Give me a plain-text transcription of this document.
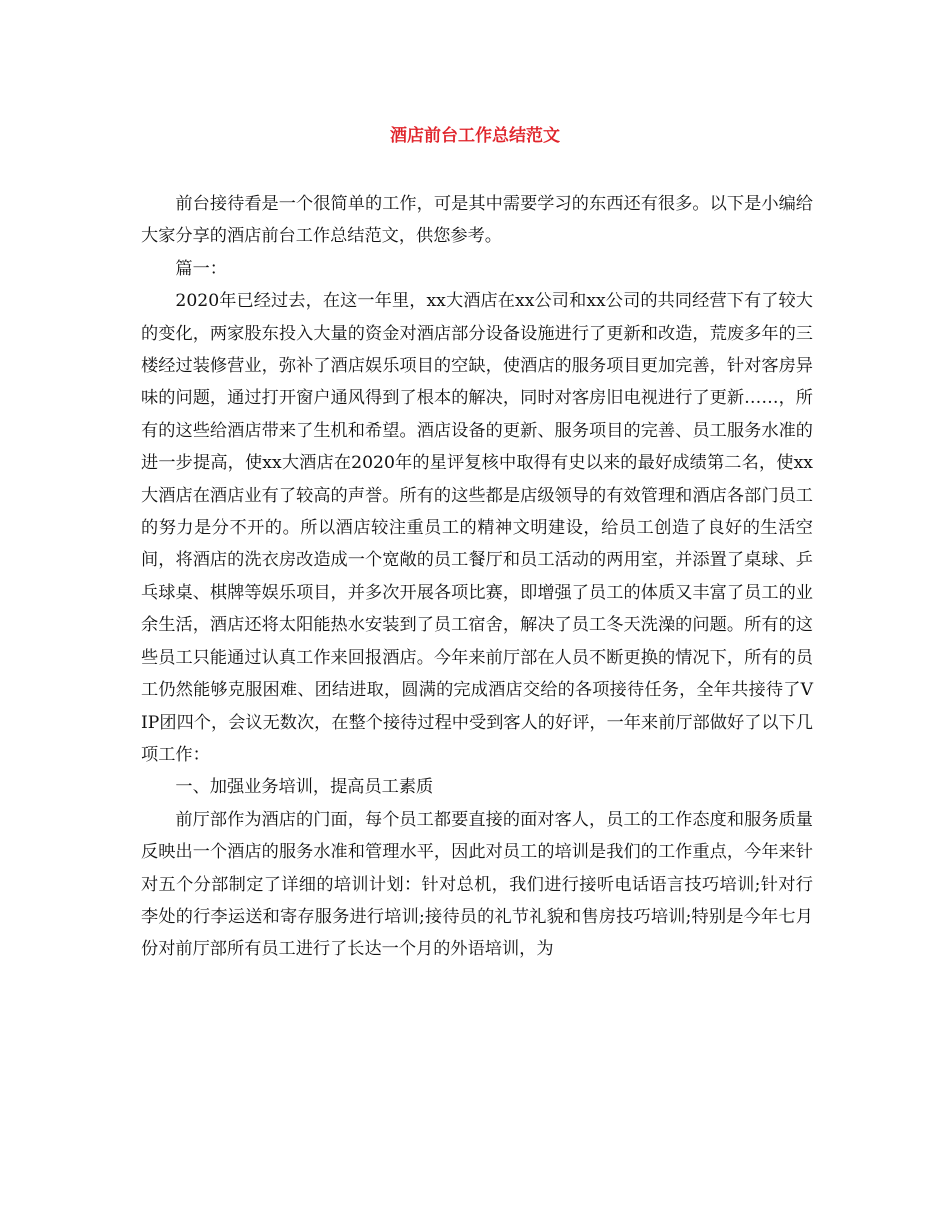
酒店前台工作总结范文

前台接待看是一个很简单的工作，可是其中需要学习的东西还有很多。以下是小编给大家分享的酒店前台工作总结范文，供您参考。

篇一：

2020年已经过去，在这一年里，xx大酒店在xx公司和xx公司的共同经营下有了较大的变化，两家股东投入大量的资金对酒店部分设备设施进行了更新和改造，荒废多年的三楼经过装修营业，弥补了酒店娱乐项目的空缺，使酒店的服务项目更加完善，针对客房异味的问题，通过打开窗户通风得到了根本的解决，同时对客房旧电视进行了更新……，所有的这些给酒店带来了生机和希望。酒店设备的更新、服务项目的完善、员工服务水准的进一步提高，使xx大酒店在2020年的星评复核中取得有史以来的最好成绩第二名，使xx大酒店在酒店业有了较高的声誉。所有的这些都是店级领导的有效管理和酒店各部门员工的努力是分不开的。所以酒店较注重员工的精神文明建设，给员工创造了良好的生活空间，将酒店的洗衣房改造成一个宽敞的员工餐厅和员工活动的两用室，并添置了桌球、乒乓球桌、棋牌等娱乐项目，并多次开展各项比赛，即增强了员工的体质又丰富了员工的业余生活，酒店还将太阳能热水安装到了员工宿舍，解决了员工冬天洗澡的问题。所有的这些员工只能通过认真工作来回报酒店。今年来前厅部在人员不断更换的情况下，所有的员工仍然能够克服困难、团结进取，圆满的完成酒店交给的各项接待任务，全年共接待了VIP团四个，会议无数次，在整个接待过程中受到客人的好评，一年来前厅部做好了以下几项工作：

一、加强业务培训，提高员工素质

前厅部作为酒店的门面，每个员工都要直接的面对客人，员工的工作态度和服务质量反映出一个酒店的服务水准和管理水平，因此对员工的培训是我们的工作重点，今年来针对五个分部制定了详细的培训计划：针对总机，我们进行接听电话语言技巧培训;针对行李处的行李运送和寄存服务进行培训;接待员的礼节礼貌和售房技巧培训;特别是今年七月份对前厅部所有员工进行了长达一个月的外语培训，为
